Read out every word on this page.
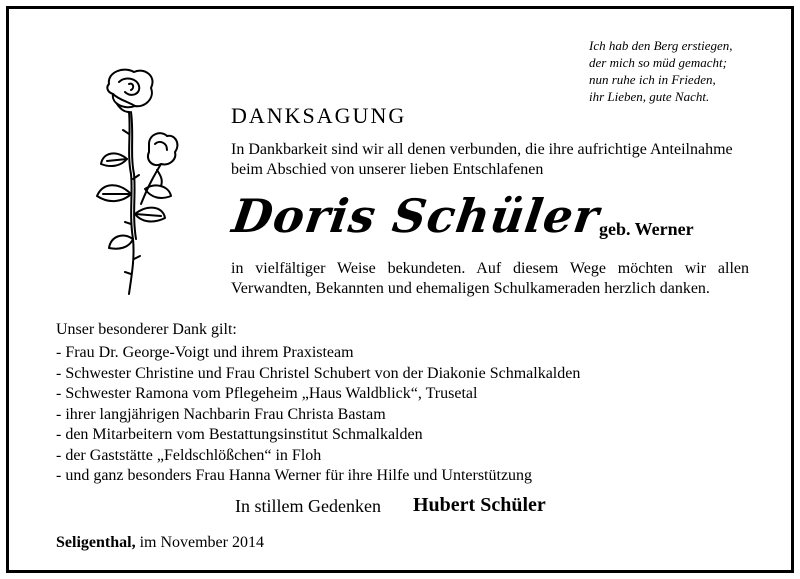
Ich hab den Berg erstiegen,
der mich so müd gemacht;
nun ruhe ich in Frieden,
ihr Lieben, gute Nacht.
DANKSAGUNG
In Dankbarkeit sind wir all denen verbunden, die ihre aufrichtige Anteilnahme
beim Abschied von unserer lieben Entschlafenen
Doris Schüler
geb. Werner
in vielfältiger Weise bekundeten. Auf diesem Wege möchten wir allen
Verwandten, Bekannten und ehemaligen Schulkameraden herzlich danken.
Unser besonderer Dank gilt:
- Frau Dr. George-Voigt und ihrem Praxisteam
- Schwester Christine und Frau Christel Schubert von der Diakonie Schmalkalden
- Schwester Ramona vom Pflegeheim „Haus Waldblick“, Trusetal
- ihrer langjährigen Nachbarin Frau Christa Bastam
- den Mitarbeitern vom Bestattungsinstitut Schmalkalden
- der Gaststätte „Feldschlößchen“ in Floh
- und ganz besonders Frau Hanna Werner für ihre Hilfe und Unterstützung
In stillem Gedenken Hubert Schüler
Seligenthal, im November 2014
